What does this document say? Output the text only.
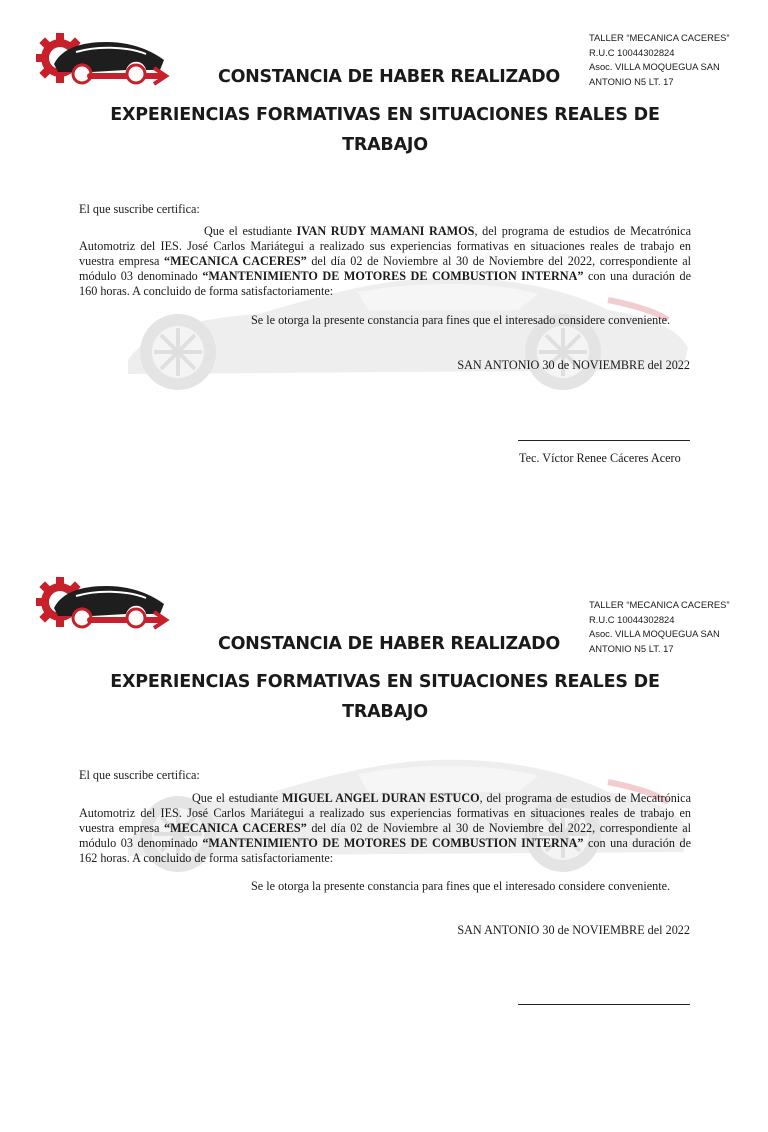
TALLER “MECANICA CACERES”
R.U.C 10044302824
Asoc. VILLA MOQUEGUA SAN
ANTONIO N5 LT. 17
CONSTANCIA DE HABER REALIZADO
EXPERIENCIAS FORMATIVAS EN SITUACIONES REALES DE TRABAJO
El que suscribe certifica:
Que el estudiante IVAN RUDY MAMANI RAMOS, del programa de estudios de Mecatrónica Automotriz del IES. José Carlos Mariátegui a realizado sus experiencias formativas en situaciones reales de trabajo en vuestra empresa “MECANICA CACERES” del día 02 de Noviembre al 30 de Noviembre del 2022, correspondiente al módulo 03 denominado “MANTENIMIENTO DE MOTORES DE COMBUSTION INTERNA” con una duración de 160 horas. A concluido de forma satisfactoriamente:
Se le otorga la presente constancia para fines que el interesado considere conveniente.
SAN ANTONIO 30 de NOVIEMBRE del 2022
Tec. Víctor Renee Cáceres Acero
TALLER “MECANICA CACERES”
R.U.C 10044302824
Asoc. VILLA MOQUEGUA SAN
ANTONIO N5 LT. 17
CONSTANCIA DE HABER REALIZADO
EXPERIENCIAS FORMATIVAS EN SITUACIONES REALES DE TRABAJO
El que suscribe certifica:
Que el estudiante MIGUEL ANGEL DURAN ESTUCO, del programa de estudios de Mecatrónica Automotriz del IES. José Carlos Mariátegui a realizado sus experiencias formativas en situaciones reales de trabajo en vuestra empresa “MECANICA CACERES” del día 02 de Noviembre al 30 de Noviembre del 2022, correspondiente al módulo 03 denominado “MANTENIMIENTO DE MOTORES DE COMBUSTION INTERNA” con una duración de 162 horas. A concluido de forma satisfactoriamente:
Se le otorga la presente constancia para fines que el interesado considere conveniente.
SAN ANTONIO 30 de NOVIEMBRE del 2022
